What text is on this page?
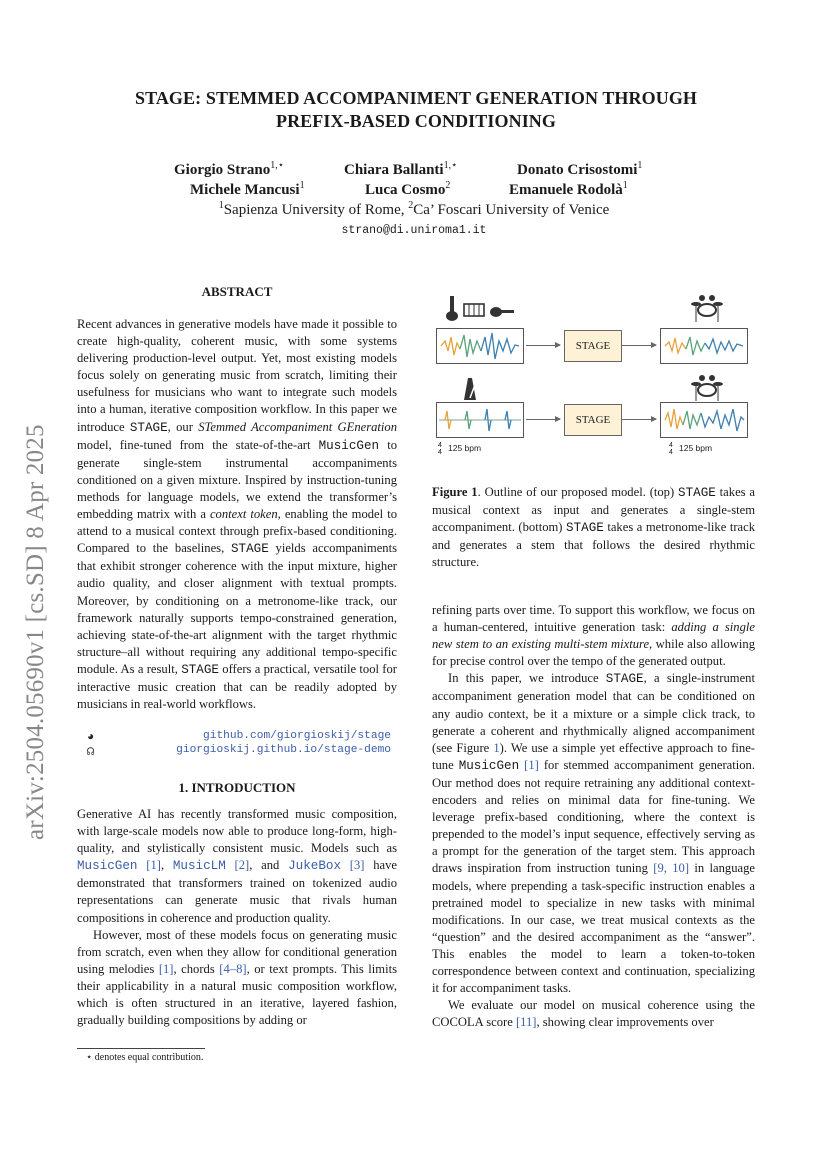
arXiv:2504.05690v1 [cs.SD] 8 Apr 2025
STAGE: STEMMED ACCOMPANIMENT GENERATION THROUGH
PREFIX-BASED CONDITIONING
Giorgio Strano$^{1,⋆}$	Chiara Ballanti$^{1,⋆}$	Donato Crisostomi$^1$
Michele Mancusi$^1$	Luca Cosmo$^2$	Emanuele Rodolà$^1$
$^1$Sapienza University of Rome, $^2$Ca’ Foscari University of Venice
strano@di.uniroma1.it
ABSTRACT

Recent advances in generative models have made it possible to create high-quality, coherent music, with some systems delivering production-level output. Yet, most existing models focus solely on generating music from scratch, limiting their usefulness for musicians who want to integrate such models into a human, iterative composition workflow. In this paper we introduce STAGE, our STemmed Accompaniment GEneration model, fine-tuned from the state-of-the-art MusicGen to generate single-stem instrumental accompaniments conditioned on a given mixture. Inspired by instruction-tuning methods for language models, we extend the transformer’s embedding matrix with a context token, enabling the model to attend to a musical context through prefix-based conditioning. Compared to the baselines, STAGE yields accompaniments that exhibit stronger coherence with the input mixture, higher audio quality, and closer alignment with textual prompts. Moreover, by conditioning on a metronome-like track, our framework naturally supports tempo-constrained generation, achieving state-of-the-art alignment with the target rhythmic structure–all without requiring any additional tempo-specific module. As a result, STAGE offers a practical, versatile tool for interactive music creation that can be readily adopted by musicians in real-world workflows.

◕	github.com/giorgioskij/stage
☊	giorgioskij.github.io/stage-demo
1. INTRODUCTION

Generative AI has recently transformed music composition, with large-scale models now able to produce long-form, high-quality, and stylistically consistent music. Models such as MusicGen [1], MusicLM [2], and JukeBox [3] have demonstrated that transformers trained on tokenized audio representations can generate music that rivals human compositions in coherence and production quality.

However, most of these models focus on generating music from scratch, even when they allow for conditional generation using melodies [1], chords [4–8], or text prompts. This limits their applicability in a natural music composition workflow, which is often structured in an iterative, layered fashion, gradually building compositions by adding or

⋆ denotes equal contribution.
STAGE
STAGE
4
4 125 bpm	4
4 125 bpm
Figure 1. Outline of our proposed model. (top) STAGE takes a musical context as input and generates a single-stem accompaniment. (bottom) STAGE takes a metronome-like track and generates a stem that follows the desired rhythmic structure.

refining parts over time. To support this workflow, we focus on a human-centered, intuitive generation task: adding a single new stem to an existing multi-stem mixture, while also allowing for precise control over the tempo of the generated output.

In this paper, we introduce STAGE, a single-instrument accompaniment generation model that can be conditioned on any audio context, be it a mixture or a simple click track, to generate a coherent and rhythmically aligned accompaniment (see Figure 1). We use a simple yet effective approach to fine-tune MusicGen [1] for stemmed accompaniment generation. Our method does not require retraining any additional context-encoders and relies on minimal data for fine-tuning. We leverage prefix-based conditioning, where the context is prepended to the model’s input sequence, effectively serving as a prompt for the generation of the target stem. This approach draws inspiration from instruction tuning [9, 10] in language models, where prepending a task-specific instruction enables a pretrained model to specialize in new tasks with minimal modifications. In our case, we treat musical contexts as the “question” and the desired accompaniment as the “answer”. This enables the model to learn a token-to-token correspondence between context and continuation, specializing it for accompaniment tasks.

We evaluate our model on musical coherence using the COCOLA score [11], showing clear improvements over
